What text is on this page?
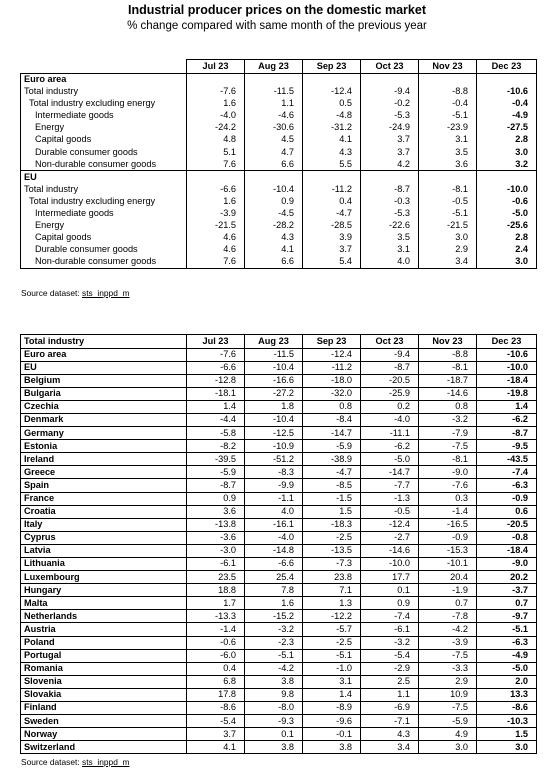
Industrial producer prices on the domestic market
% change compared with same month of the previous year
	Jul 23	Aug 23	Sep 23	Oct 23	Nov 23	Dec 23
Euro area						
Total industry	-7.6	-11.5	-12.4	-9.4	-8.8	-10.6
Total industry excluding energy	1.6	1.1	0.5	-0.2	-0.4	-0.4
Intermediate goods	-4.0	-4.6	-4.8	-5.3	-5.1	-4.9
Energy	-24.2	-30.6	-31.2	-24.9	-23.9	-27.5
Capital goods	4.8	4.5	4.1	3.7	3.1	2.8
Durable consumer goods	5.1	4.7	4.3	3.7	3.5	3.0
Non-durable consumer goods	7.6	6.6	5.5	4.2	3.6	3.2
EU						
Total industry	-6.6	-10.4	-11.2	-8.7	-8.1	-10.0
Total industry excluding energy	1.6	0.9	0.4	-0.3	-0.5	-0.6
Intermediate goods	-3.9	-4.5	-4.7	-5.3	-5.1	-5.0
Energy	-21.5	-28.2	-28.5	-22.6	-21.5	-25.6
Capital goods	4.6	4.3	3.9	3.5	3.0	2.8
Durable consumer goods	4.6	4.1	3.7	3.1	2.9	2.4
Non-durable consumer goods	7.6	6.6	5.4	4.0	3.4	3.0
Source dataset: sts_inppd_m
Total industry	Jul 23	Aug 23	Sep 23	Oct 23	Nov 23	Dec 23
Euro area	-7.6	-11.5	-12.4	-9.4	-8.8	-10.6
EU	-6.6	-10.4	-11.2	-8.7	-8.1	-10.0
Belgium	-12.8	-16.6	-18.0	-20.5	-18.7	-18.4
Bulgaria	-18.1	-27.2	-32.0	-25.9	-14.6	-19.8
Czechia	1.4	1.8	0.8	0.2	0.8	1.4
Denmark	-4.4	-10.4	-8.4	-4.0	-3.2	-6.2
Germany	-5.8	-12.5	-14.7	-11.1	-7.9	-8.7
Estonia	-8.2	-10.9	-5.9	-6.2	-7.5	-9.5
Ireland	-39.5	-51.2	-38.9	-5.0	-8.1	-43.5
Greece	-5.9	-8.3	-4.7	-14.7	-9.0	-7.4
Spain	-8.7	-9.9	-8.5	-7.7	-7.6	-6.3
France	0.9	-1.1	-1.5	-1.3	0.3	-0.9
Croatia	3.6	4.0	1.5	-0.5	-1.4	0.6
Italy	-13.8	-16.1	-18.3	-12.4	-16.5	-20.5
Cyprus	-3.6	-4.0	-2.5	-2.7	-0.9	-0.8
Latvia	-3.0	-14.8	-13.5	-14.6	-15.3	-18.4
Lithuania	-6.1	-6.6	-7.3	-10.0	-10.1	-9.0
Luxembourg	23.5	25.4	23.8	17.7	20.4	20.2
Hungary	18.8	7.8	7.1	0.1	-1.9	-3.7
Malta	1.7	1.6	1.3	0.9	0.7	0.7
Netherlands	-13.3	-15.2	-12.2	-7.4	-7.8	-9.7
Austria	-1.4	-3.2	-5.7	-6.1	-4.2	-5.1
Poland	-0.6	-2.3	-2.5	-3.2	-3.9	-6.3
Portugal	-6.0	-5.1	-5.1	-5.4	-7.5	-4.9
Romania	0.4	-4.2	-1.0	-2.9	-3.3	-5.0
Slovenia	6.8	3.8	3.1	2.5	2.9	2.0
Slovakia	17.8	9.8	1.4	1.1	10.9	13.3
Finland	-8.6	-8.0	-8.9	-6.9	-7.5	-8.6
Sweden	-5.4	-9.3	-9.6	-7.1	-5.9	-10.3
Norway	3.7	0.1	-0.1	4.3	4.9	1.5
Switzerland	4.1	3.8	3.8	3.4	3.0	3.0
Source dataset: sts_inppd_m
